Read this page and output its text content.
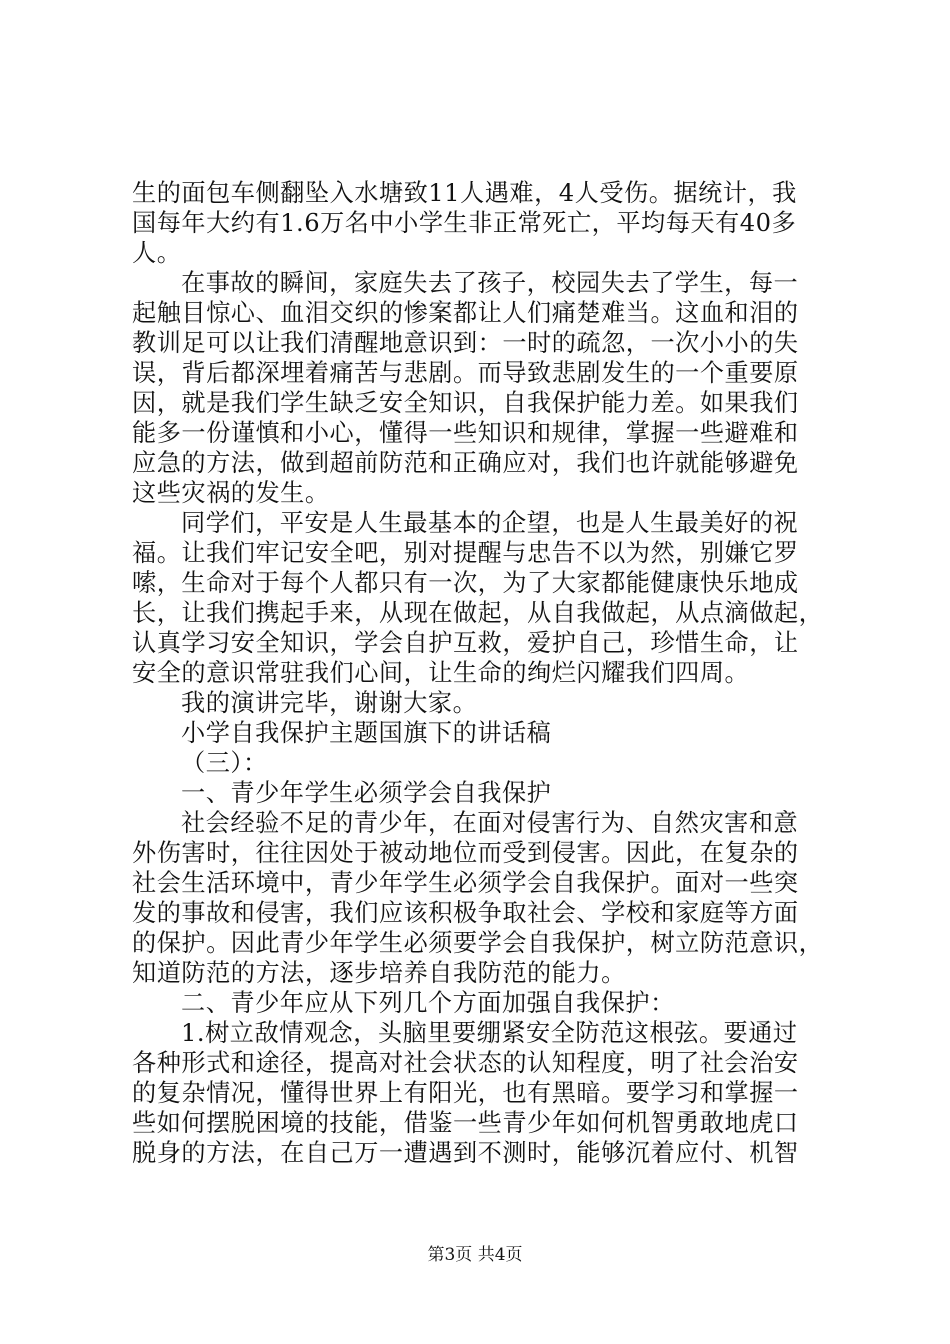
生的面包车侧翻坠入水塘致11人遇难，4人受伤。据统计，我
国每年大约有1.6万名中小学生非正常死亡，平均每天有40多
人。
在事故的瞬间，家庭失去了孩子，校园失去了学生，每一
起触目惊心、血泪交织的惨案都让人们痛楚难当。这血和泪的
教训足可以让我们清醒地意识到：一时的疏忽，一次小小的失
误，背后都深埋着痛苦与悲剧。而导致悲剧发生的一个重要原
因，就是我们学生缺乏安全知识，自我保护能力差。如果我们
能多一份谨慎和小心，懂得一些知识和规律，掌握一些避难和
应急的方法，做到超前防范和正确应对，我们也许就能够避免
这些灾祸的发生。
同学们，平安是人生最基本的企望，也是人生最美好的祝
福。让我们牢记安全吧，别对提醒与忠告不以为然，别嫌它罗
嗦，生命对于每个人都只有一次，为了大家都能健康快乐地成
长，让我们携起手来，从现在做起，从自我做起，从点滴做起，
认真学习安全知识，学会自护互救，爱护自己，珍惜生命，让
安全的意识常驻我们心间，让生命的绚烂闪耀我们四周。
我的演讲完毕，谢谢大家。
小学自我保护主题国旗下的讲话稿
（三）：
一、青少年学生必须学会自我保护
社会经验不足的青少年，在面对侵害行为、自然灾害和意
外伤害时，往往因处于被动地位而受到侵害。因此，在复杂的
社会生活环境中，青少年学生必须学会自我保护。面对一些突
发的事故和侵害，我们应该积极争取社会、学校和家庭等方面
的保护。因此青少年学生必须要学会自我保护，树立防范意识，
知道防范的方法，逐步培养自我防范的能力。
二、青少年应从下列几个方面加强自我保护：
1.树立敌情观念，头脑里要绷紧安全防范这根弦。要通过
各种形式和途径，提高对社会状态的认知程度，明了社会治安
的复杂情况，懂得世界上有阳光，也有黑暗。要学习和掌握一
些如何摆脱困境的技能，借鉴一些青少年如何机智勇敢地虎口
脱身的方法，在自己万一遭遇到不测时，能够沉着应付、机智
第3页 共4页
